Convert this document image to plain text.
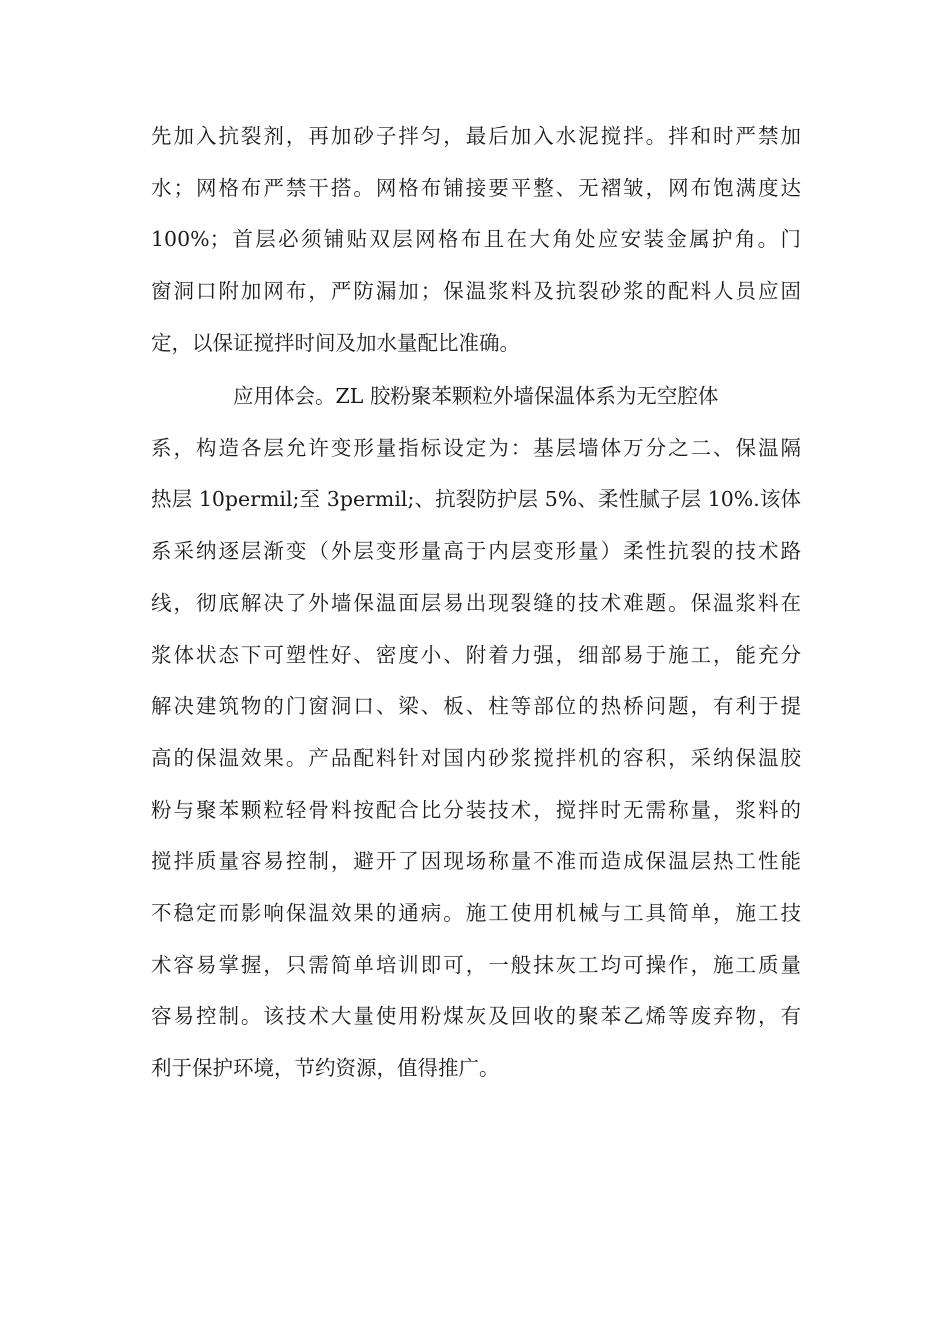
先加入抗裂剂，再加砂子拌匀，最后加入水泥搅拌。拌和时严禁加
水；网格布严禁干搭。网格布铺接要平整、无褶皱，网布饱满度达
100%；首层必须铺贴双层网格布且在大角处应安装金属护角。门
窗洞口附加网布，严防漏加；保温浆料及抗裂砂浆的配料人员应固
定，以保证搅拌时间及加水量配比准确。
应用体会。ZL 胶粉聚苯颗粒外墙保温体系为无空腔体
系，构造各层允许变形量指标设定为：基层墙体万分之二、保温隔
热层 10permil;至 3permil;、抗裂防护层 5%、柔性腻子层 10%.该体
系采纳逐层渐变（外层变形量高于内层变形量）柔性抗裂的技术路
线，彻底解决了外墙保温面层易出现裂缝的技术难题。保温浆料在
浆体状态下可塑性好、密度小、附着力强，细部易于施工，能充分
解决建筑物的门窗洞口、梁、板、柱等部位的热桥问题，有利于提
高的保温效果。产品配料针对国内砂浆搅拌机的容积，采纳保温胶
粉与聚苯颗粒轻骨料按配合比分装技术，搅拌时无需称量，浆料的
搅拌质量容易控制，避开了因现场称量不准而造成保温层热工性能
不稳定而影响保温效果的通病。施工使用机械与工具简单，施工技
术容易掌握，只需简单培训即可，一般抹灰工均可操作，施工质量
容易控制。该技术大量使用粉煤灰及回收的聚苯乙烯等废弃物，有
利于保护环境，节约资源，值得推广。
